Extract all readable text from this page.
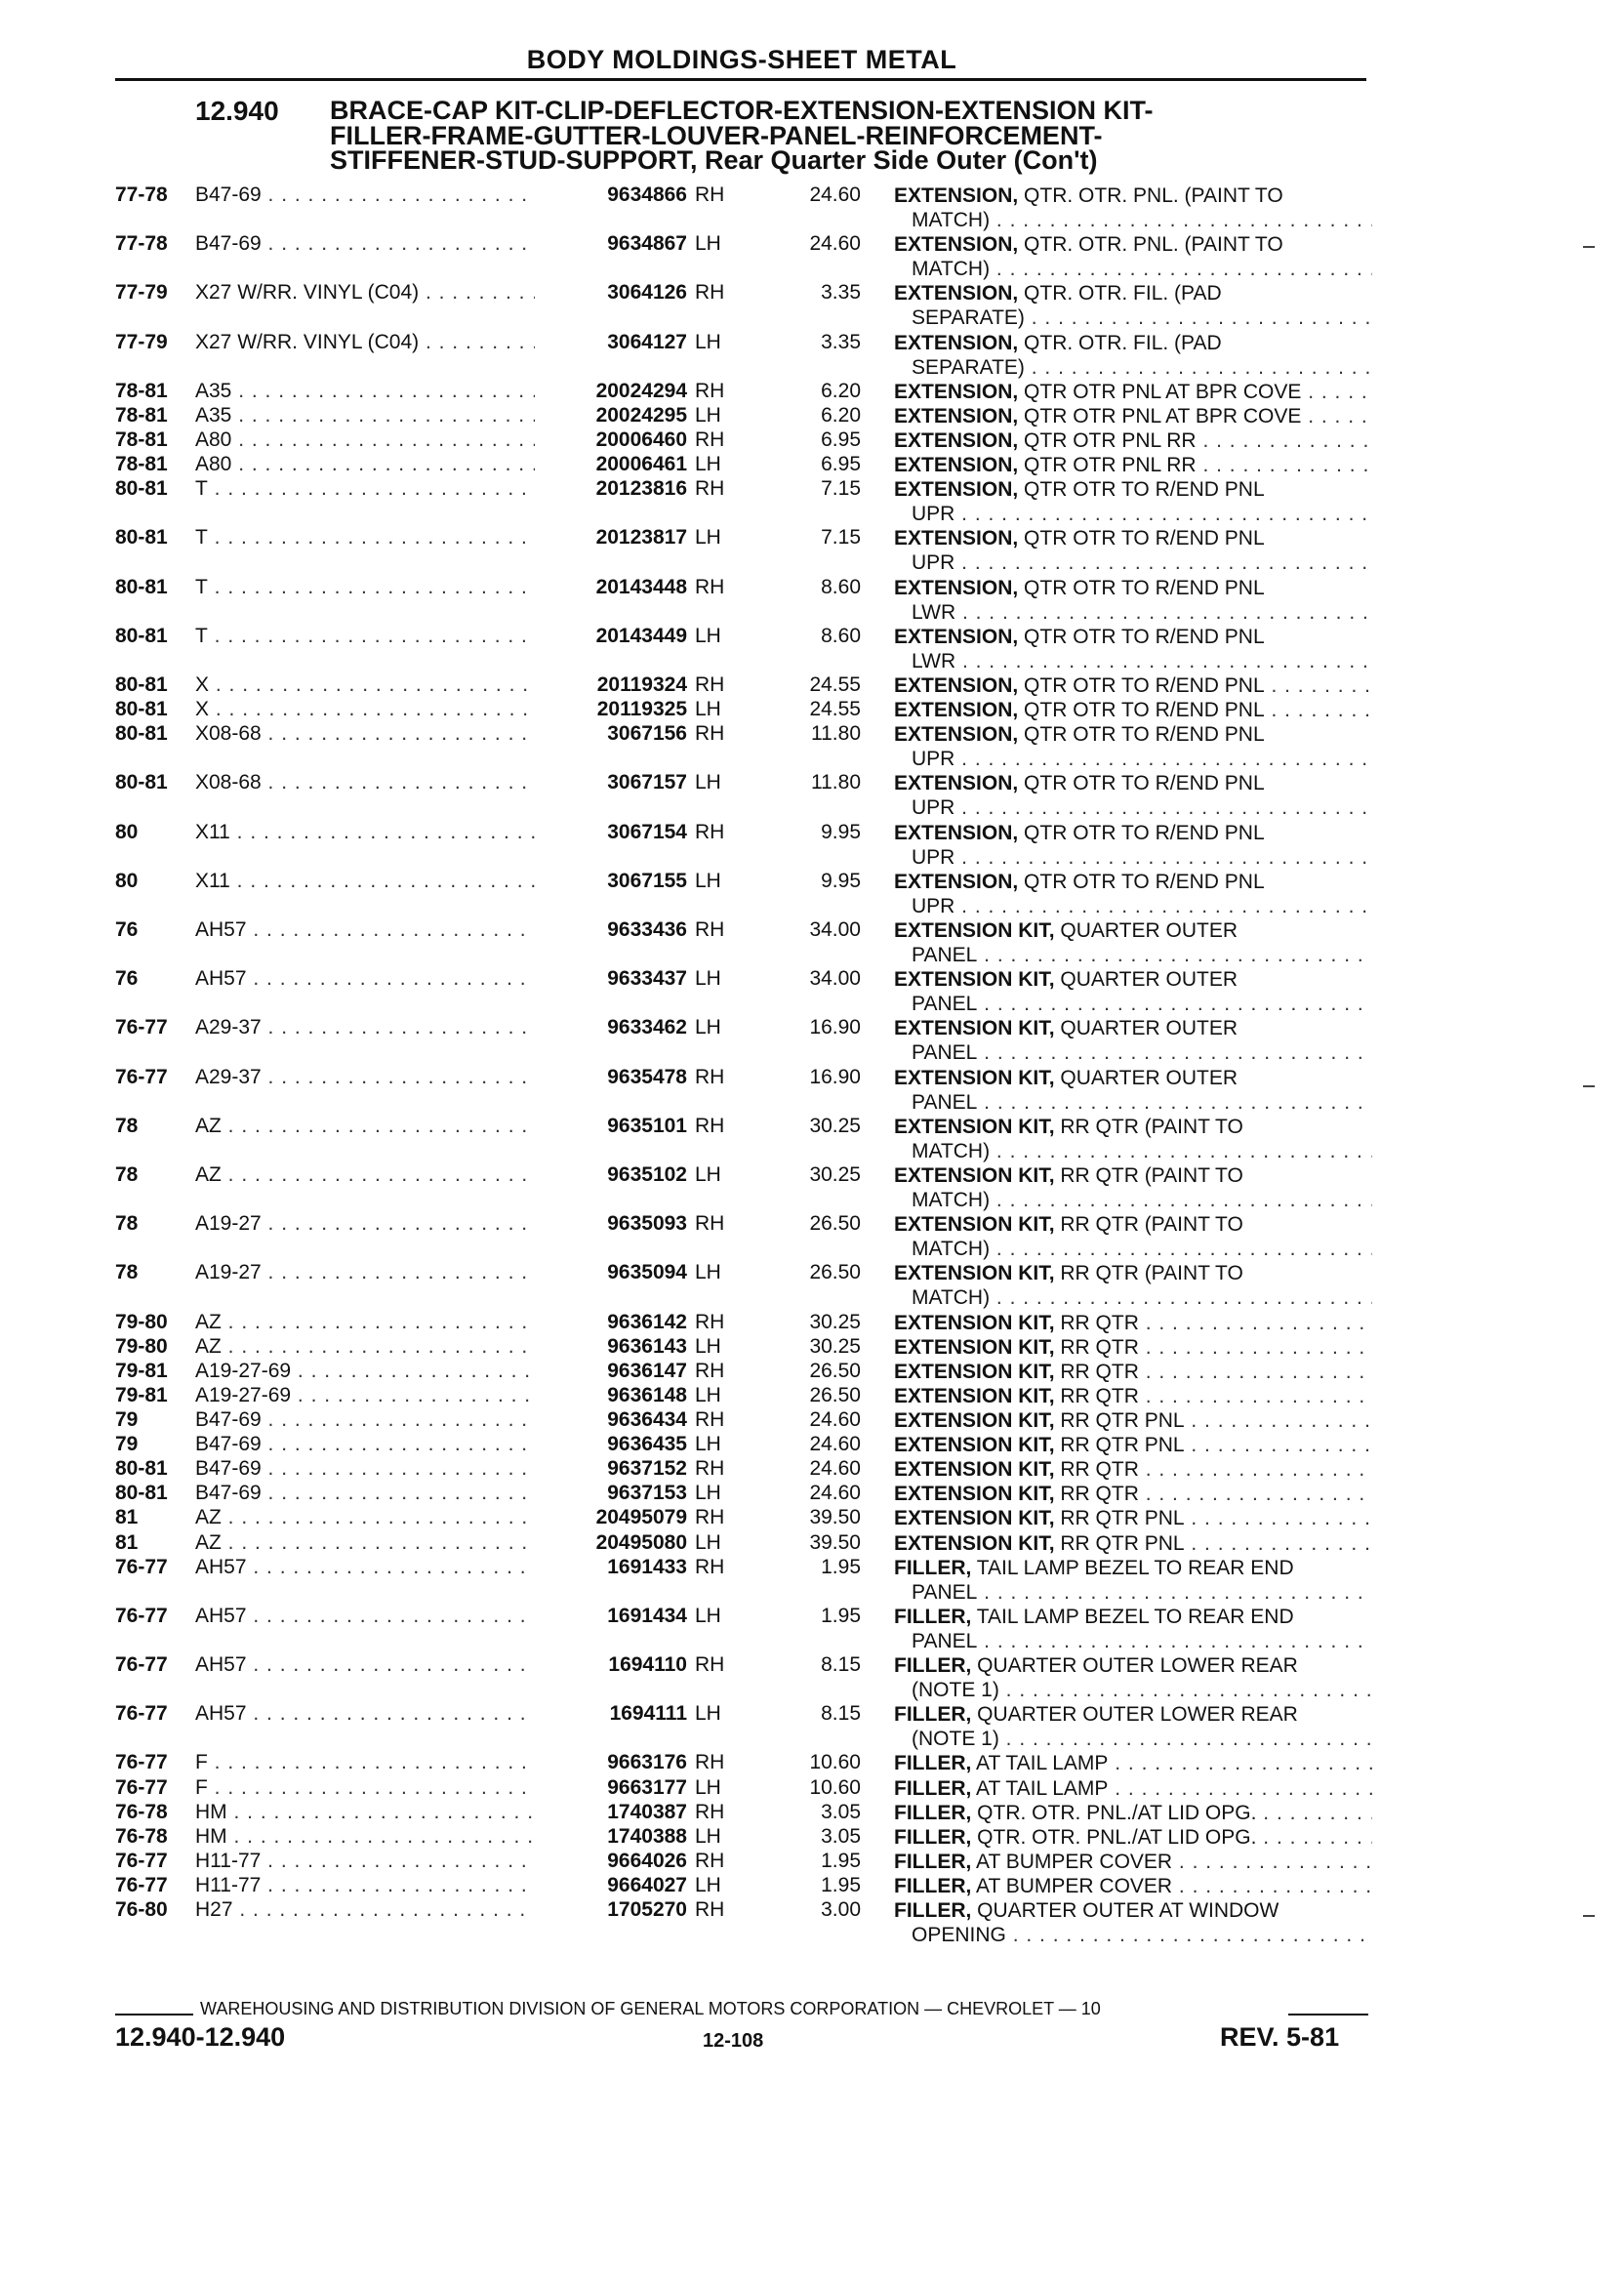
BODY MOLDINGS-SHEET METAL
12.940 BRACE-CAP KIT-CLIP-DEFLECTOR-EXTENSION-EXTENSION KIT-
FILLER-FRAME-GUTTER-LOUVER-PANEL-REINFORCEMENT-
STIFFENER-STUD-SUPPORT, Rear Quarter Side Outer (Con't)
77-78 B47-69 . . .	9634866 RH	24.60 EXTENSION, QTR. OTR. PNL. (PAINT TO
MATCH) . . .
77-78 B47-69 . . .	9634867 LH	24.60 EXTENSION, QTR. OTR. PNL. (PAINT TO
MATCH) . . .
77-79 X27 W/RR. VINYL (C04) . . .	3064126 RH	3.35 EXTENSION, QTR. OTR. FIL. (PAD
SEPARATE) . . .
77-79 X27 W/RR. VINYL (C04) . . .	3064127 LH	3.35 EXTENSION, QTR. OTR. FIL. (PAD
SEPARATE) . . .
78-81 A35 . . .	20024294 RH	6.20 EXTENSION, QTR OTR PNL AT BPR COVE . . .
78-81 A35 . . .	20024295 LH	6.20 EXTENSION, QTR OTR PNL AT BPR COVE . . .
78-81 A80 . . .	20006460 RH	6.95 EXTENSION, QTR OTR PNL RR . . .
78-81 A80 . . .	20006461 LH	6.95 EXTENSION, QTR OTR PNL RR . . .
80-81 T . . .	20123816 RH	7.15 EXTENSION, QTR OTR TO R/END PNL
UPR . . .
80-81 T . . .	20123817 LH	7.15 EXTENSION, QTR OTR TO R/END PNL
UPR . . .
80-81 T . . .	20143448 RH	8.60 EXTENSION, QTR OTR TO R/END PNL
LWR . . .
80-81 T . . .	20143449 LH	8.60 EXTENSION, QTR OTR TO R/END PNL
LWR . . .
80-81 X . . .	20119324 RH	24.55 EXTENSION, QTR OTR TO R/END PNL . . .
80-81 X . . .	20119325 LH	24.55 EXTENSION, QTR OTR TO R/END PNL . . .
80-81 X08-68 . . .	3067156 RH	11.80 EXTENSION, QTR OTR TO R/END PNL
UPR . . .
80-81 X08-68 . . .	3067157 LH	11.80 EXTENSION, QTR OTR TO R/END PNL
UPR . . .
80	X11 . . .	3067154 RH	9.95 EXTENSION, QTR OTR TO R/END PNL
UPR . . .
80	X11 . . .	3067155 LH	9.95 EXTENSION, QTR OTR TO R/END PNL
UPR . . .
76	AH57 . . .	9633436 RH	34.00 EXTENSION KIT, QUARTER OUTER
PANEL . . .
76	AH57 . . .	9633437 LH	34.00 EXTENSION KIT, QUARTER OUTER
PANEL . . .
76-77 A29-37 . . .	9633462 LH	16.90 EXTENSION KIT, QUARTER OUTER
PANEL . . .
76-77 A29-37 . . .	9635478 RH	16.90 EXTENSION KIT, QUARTER OUTER
PANEL . . .
78	AZ . . .	9635101 RH	30.25 EXTENSION KIT, RR QTR (PAINT TO
MATCH) . . .
78	AZ . . .	9635102 LH	30.25 EXTENSION KIT, RR QTR (PAINT TO
MATCH) . . .
78	A19-27 . . .	9635093 RH	26.50 EXTENSION KIT, RR QTR (PAINT TO
MATCH) . . .
78	A19-27 . . .	9635094 LH	26.50 EXTENSION KIT, RR QTR (PAINT TO
MATCH) . . .
79-80 AZ . . .	9636142 RH	30.25 EXTENSION KIT, RR QTR . . .
79-80 AZ . . .	9636143 LH	30.25 EXTENSION KIT, RR QTR . . .
79-81 A19-27-69 . . .	9636147 RH	26.50 EXTENSION KIT, RR QTR . . .
79-81 A19-27-69 . . .	9636148 LH	26.50 EXTENSION KIT, RR QTR . . .
79	B47-69 . . .	9636434 RH	24.60 EXTENSION KIT, RR QTR PNL . . .
79	B47-69 . . .	9636435 LH	24.60 EXTENSION KIT, RR QTR PNL . . .
80-81 B47-69 . . .	9637152 RH	24.60 EXTENSION KIT, RR QTR . . .
80-81 B47-69 . . .	9637153 LH	24.60 EXTENSION KIT, RR QTR . . .
81	AZ . . .	20495079 RH	39.50 EXTENSION KIT, RR QTR PNL . . .
81	AZ . . .	20495080 LH	39.50 EXTENSION KIT, RR QTR PNL . . .
76-77 AH57 . . .	1691433 RH	1.95 FILLER, TAIL LAMP BEZEL TO REAR END
PANEL . . .
76-77 AH57 . . .	1691434 LH	1.95 FILLER, TAIL LAMP BEZEL TO REAR END
PANEL . . .
76-77 AH57 . . .	1694110 RH	8.15 FILLER, QUARTER OUTER LOWER REAR
(NOTE 1) . . .
76-77 AH57 . . .	1694111 LH	8.15 FILLER, QUARTER OUTER LOWER REAR
(NOTE 1) . . .
76-77 F . . .	9663176 RH	10.60 FILLER, AT TAIL LAMP . . .
76-77 F . . .	9663177 LH	10.60 FILLER, AT TAIL LAMP . . .
76-78 HM . . .	1740387 RH	3.05 FILLER, QTR. OTR. PNL./AT LID OPG. . . .
76-78 HM . . .	1740388 LH	3.05 FILLER, QTR. OTR. PNL./AT LID OPG. . . .
76-77 H11-77 . . .	9664026 RH	1.95 FILLER, AT BUMPER COVER . . .
76-77 H11-77 . . .	9664027 LH	1.95 FILLER, AT BUMPER COVER . . .
76-80 H27 . . .	1705270 RH	3.00 FILLER, QUARTER OUTER AT WINDOW
OPENING . . .
WAREHOUSING AND DISTRIBUTION DIVISION OF GENERAL MOTORS CORPORATION — CHEVROLET — 10
12.940-12.940	12-108	REV. 5-81
